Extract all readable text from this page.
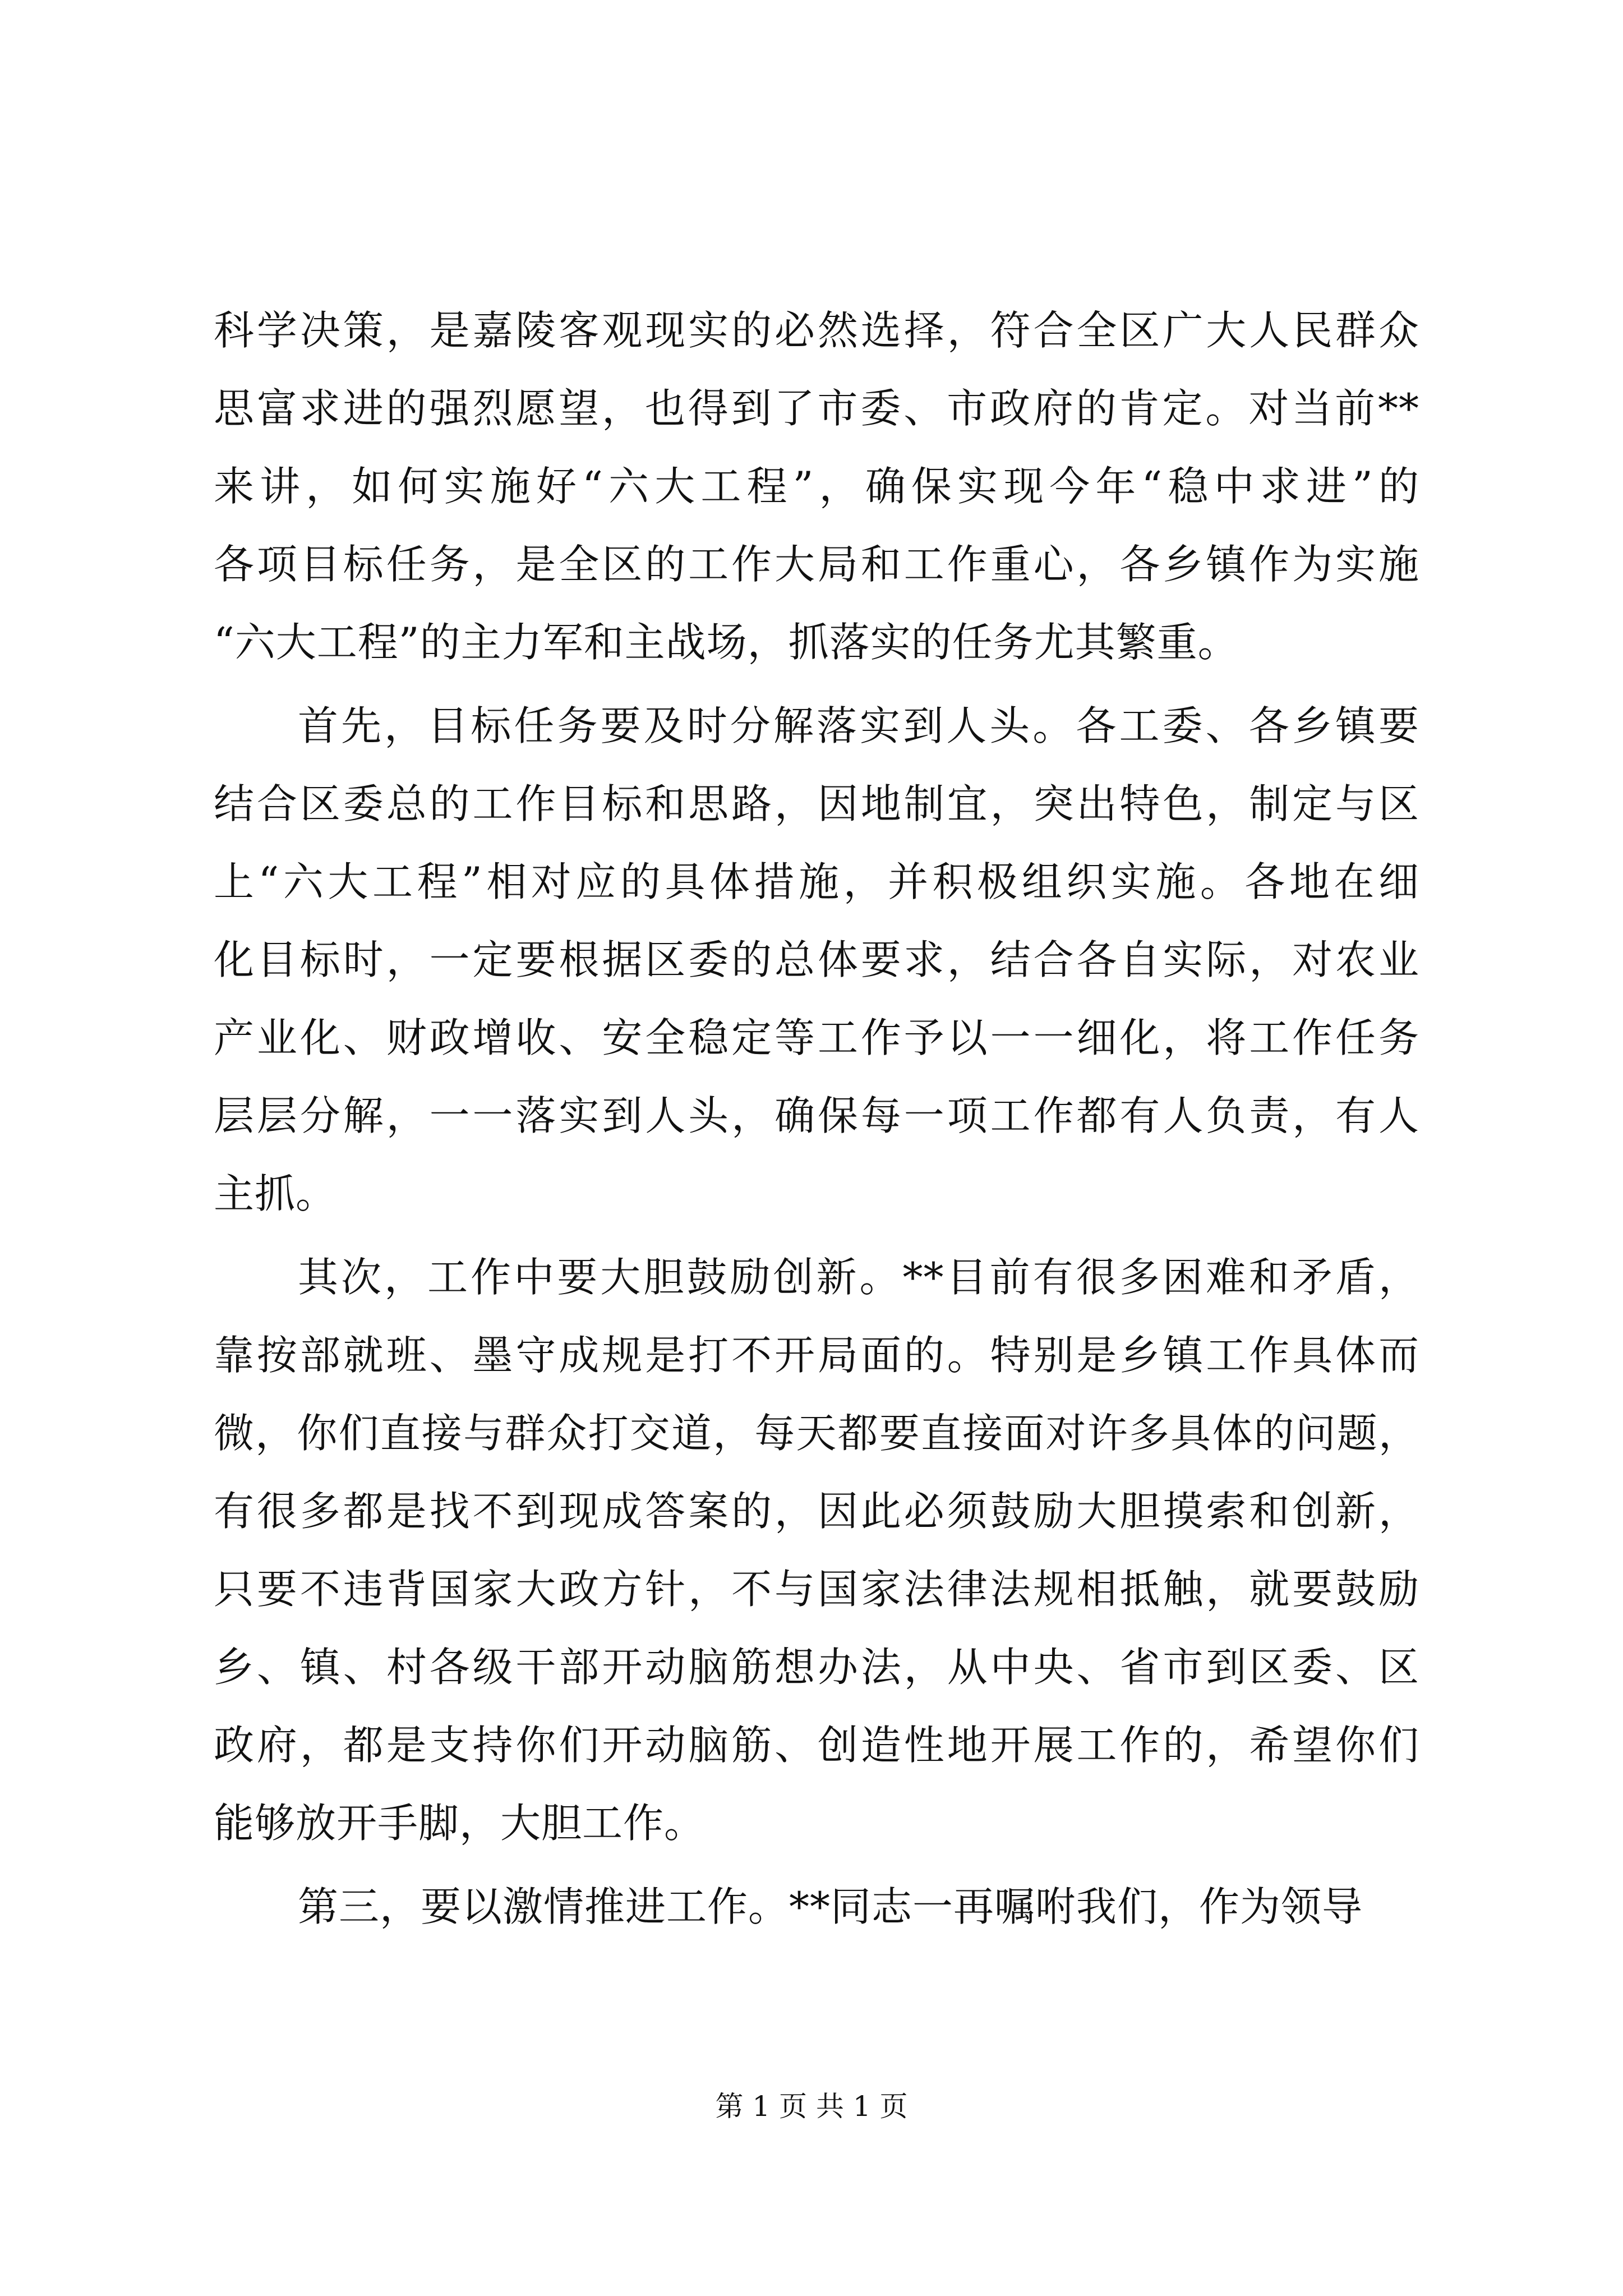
科学决策，是嘉陵客观现实的必然选择，符合全区广大人民群众
思富求进的强烈愿望，也得到了市委、市政府的肯定。对当前**
来讲，如何实施好“六大工程”，确保实现今年“稳中求进”的
各项目标任务，是全区的工作大局和工作重心，各乡镇作为实施
“六大工程”的主力军和主战场，抓落实的任务尤其繁重。
首先，目标任务要及时分解落实到人头。各工委、各乡镇要
结合区委总的工作目标和思路，因地制宜，突出特色，制定与区
上“六大工程”相对应的具体措施，并积极组织实施。各地在细
化目标时，一定要根据区委的总体要求，结合各自实际，对农业
产业化、财政增收、安全稳定等工作予以一一细化，将工作任务
层层分解，一一落实到人头，确保每一项工作都有人负责，有人
主抓。
其次，工作中要大胆鼓励创新。**目前有很多困难和矛盾，
靠按部就班、墨守成规是打不开局面的。特别是乡镇工作具体而
微，你们直接与群众打交道，每天都要直接面对许多具体的问题，
有很多都是找不到现成答案的，因此必须鼓励大胆摸索和创新，
只要不违背国家大政方针，不与国家法律法规相抵触，就要鼓励
乡、镇、村各级干部开动脑筋想办法，从中央、省市到区委、区
政府，都是支持你们开动脑筋、创造性地开展工作的，希望你们
能够放开手脚，大胆工作。
第三，要以激情推进工作。**同志一再嘱咐我们，作为领导
第 1 页 共 1 页
